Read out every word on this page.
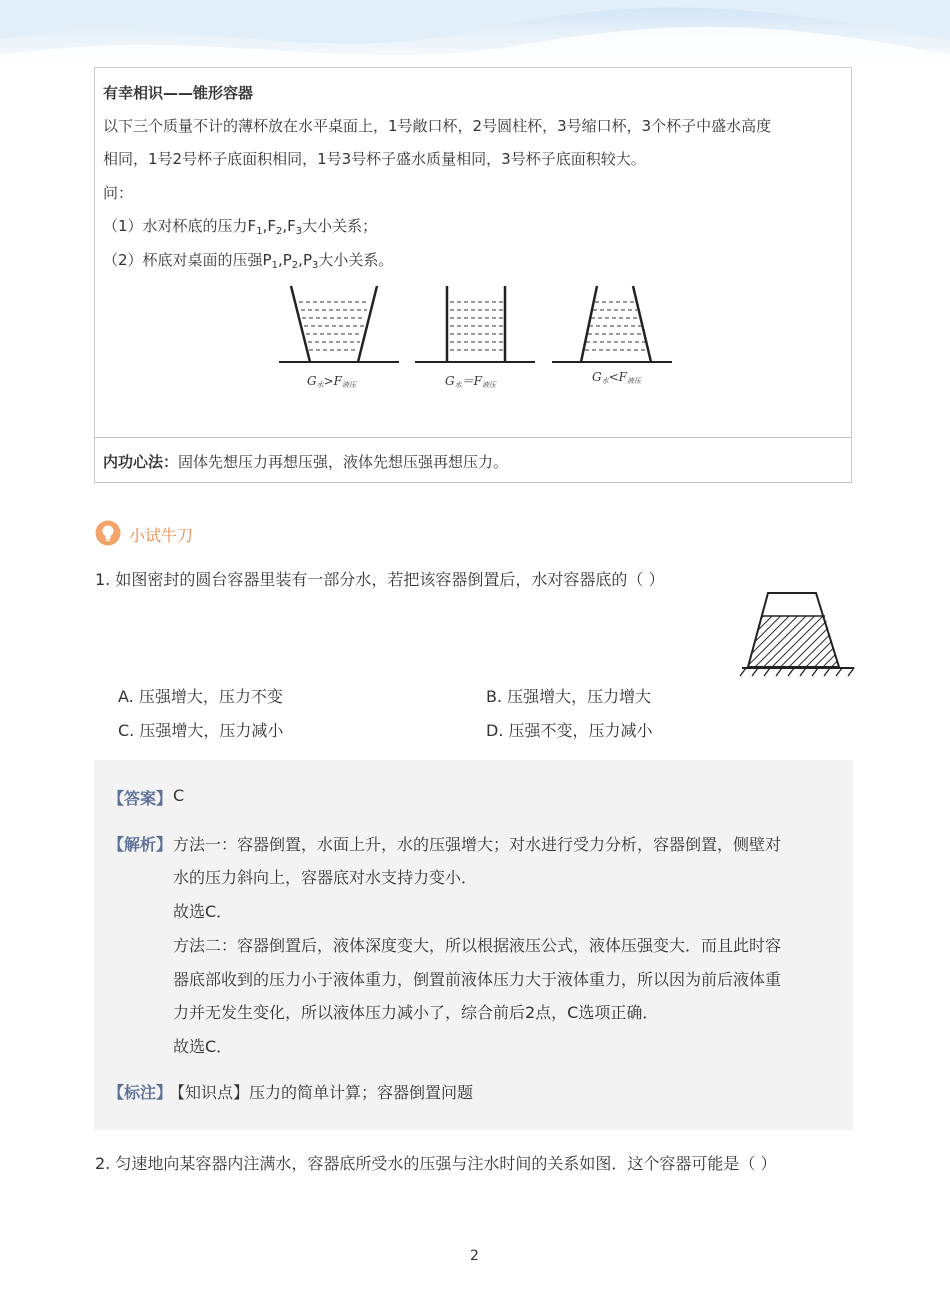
有幸相识——锥形容器
以下三个质量不计的薄杯放在水平桌面上，1号敞口杯，2号圆柱杯，3号缩口杯，3个杯子中盛水高度
相同，1号2号杯子底面积相同，1号3号杯子盛水质量相同，3号杯子底面积较大。
问：
（1）水对杯底的压力$F_1,F_2,F_3$大小关系；
（2）杯底对桌面的压强$P_1,P_2,P_3$大小关系。
G水>F液压	G水＝F液压
G水<F液压
内功心法：固体先想压力再想压强，液体先想压强再想压力。
小试牛刀
1. 如图密封的圆台容器里装有一部分水，若把该容器倒置后，水对容器底的（ ）
A. 压强增大，压力不变	B. 压强增大，压力增大
C. 压强增大，压力减小	D. 压强不变，压力减小
【答案】 C
【解析】 方法一：容器倒置，水面上升，水的压强增大；对水进行受力分析，容器倒置，侧壁对
水的压力斜向上，容器底对水支持力变小．
故选C．
方法二：容器倒置后，液体深度变大，所以根据液压公式，液体压强变大．而且此时容
器底部收到的压力小于液体重力，倒置前液体压力大于液体重力，所以因为前后液体重
力并无发生变化，所以液体压力减小了，综合前后2点，C选项正确．
故选C．
【标注】
【知识点】压力的简单计算；容器倒置问题
2. 匀速地向某容器内注满水，容器底所受水的压强与注水时间的关系如图．这个容器可能是（ ）
2
